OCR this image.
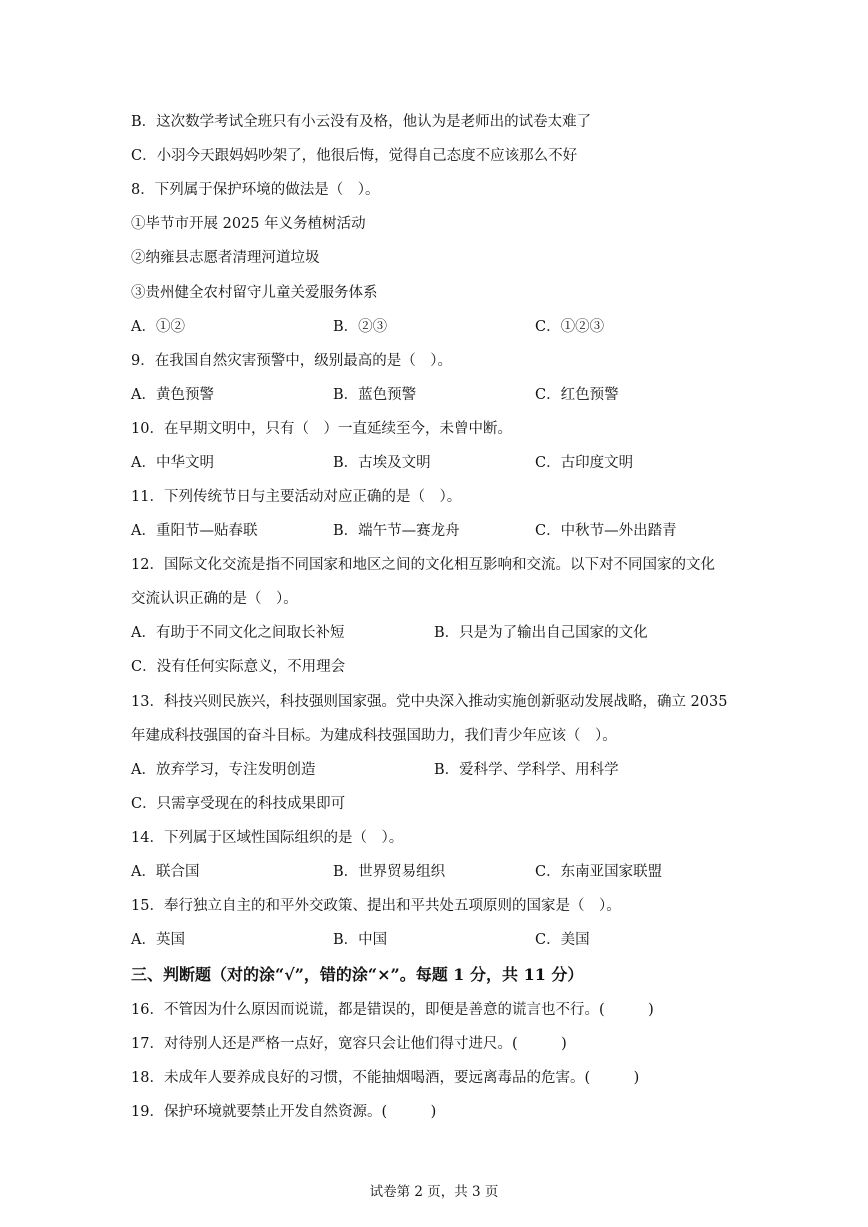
B．这次数学考试全班只有小云没有及格，他认为是老师出的试卷太难了
C．小羽今天跟妈妈吵架了，他很后悔，觉得自己态度不应该那么不好
8．下列属于保护环境的做法是（　）。
①毕节市开展 2025 年义务植树活动
②纳雍县志愿者清理河道垃圾
③贵州健全农村留守儿童关爱服务体系
A．①②	B．②③	C．①②③
9．在我国自然灾害预警中，级别最高的是（　）。
A．黄色预警	B．蓝色预警	C．红色预警
10．在早期文明中，只有（　）一直延续至今，未曾中断。
A．中华文明	B．古埃及文明	C．古印度文明
11．下列传统节日与主要活动对应正确的是（　）。
A．重阳节—贴春联	B．端午节—赛龙舟	C．中秋节—外出踏青
12．国际文化交流是指不同国家和地区之间的文化相互影响和交流。以下对不同国家的文化
交流认识正确的是（　）。
A．有助于不同文化之间取长补短	B．只是为了输出自己国家的文化
C．没有任何实际意义，不用理会
13．科技兴则民族兴，科技强则国家强。党中央深入推动实施创新驱动发展战略，确立 2035
年建成科技强国的奋斗目标。为建成科技强国助力，我们青少年应该（　）。
A．放弃学习，专注发明创造	B．爱科学、学科学、用科学
C．只需享受现在的科技成果即可
14．下列属于区域性国际组织的是（　）。
A．联合国	B．世界贸易组织	C．东南亚国家联盟
15．奉行独立自主的和平外交政策、提出和平共处五项原则的国家是（　）。
A．英国	B．中国	C．美国
三、判断题（对的涂“√”，错的涂“×”。每题 1 分，共 11 分）
16．不管因为什么原因而说谎，都是错误的，即便是善意的谎言也不行。(　　　)
17．对待别人还是严格一点好，宽容只会让他们得寸进尺。(　　　)
18．未成年人要养成良好的习惯，不能抽烟喝酒，要远离毒品的危害。(　　　)
19．保护环境就要禁止开发自然资源。(　　　)
试卷第 2 页，共 3 页
